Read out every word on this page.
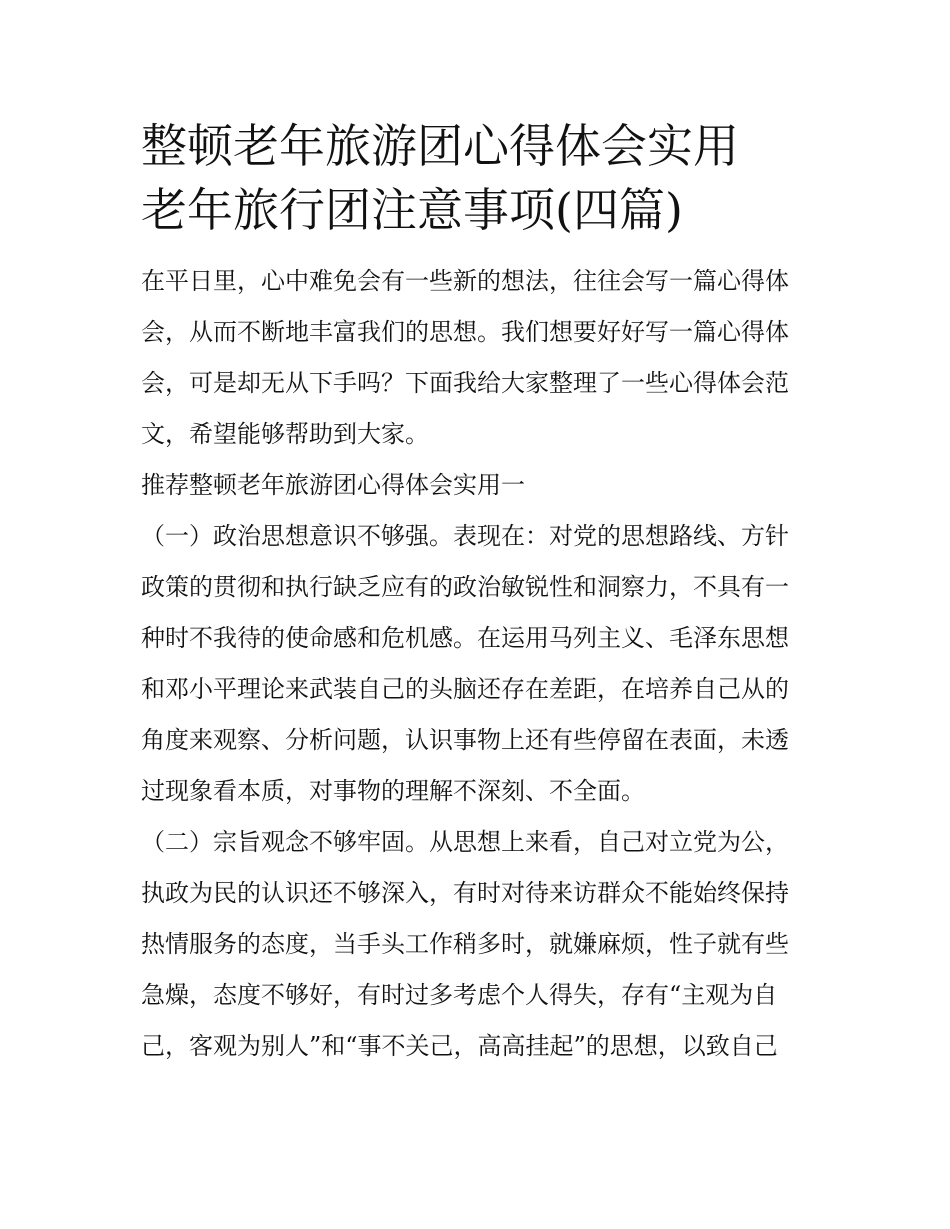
整顿老年旅游团心得体会实用
老年旅行团注意事项(四篇)

在平日里，心中难免会有一些新的想法，往往会写一篇心得体
会，从而不断地丰富我们的思想。我们想要好好写一篇心得体
会，可是却无从下手吗？下面我给大家整理了一些心得体会范
文，希望能够帮助到大家。

推荐整顿老年旅游团心得体会实用一

（一）政治思想意识不够强。表现在：对党的思想路线、方针
政策的贯彻和执行缺乏应有的政治敏锐性和洞察力，不具有一
种时不我待的使命感和危机感。在运用马列主义、毛泽东思想
和邓小平理论来武装自己的头脑还存在差距，在培养自己从的
角度来观察、分析问题，认识事物上还有些停留在表面，未透
过现象看本质，对事物的理解不深刻、不全面。

（二）宗旨观念不够牢固。从思想上来看，自己对立党为公，
执政为民的认识还不够深入，有时对待来访群众不能始终保持
热情服务的态度，当手头工作稍多时，就嫌麻烦，性子就有些
急燥，态度不够好，有时过多考虑个人得失，存有“主观为自
己，客观为别人”和“事不关己，高高挂起”的思想，以致自己
